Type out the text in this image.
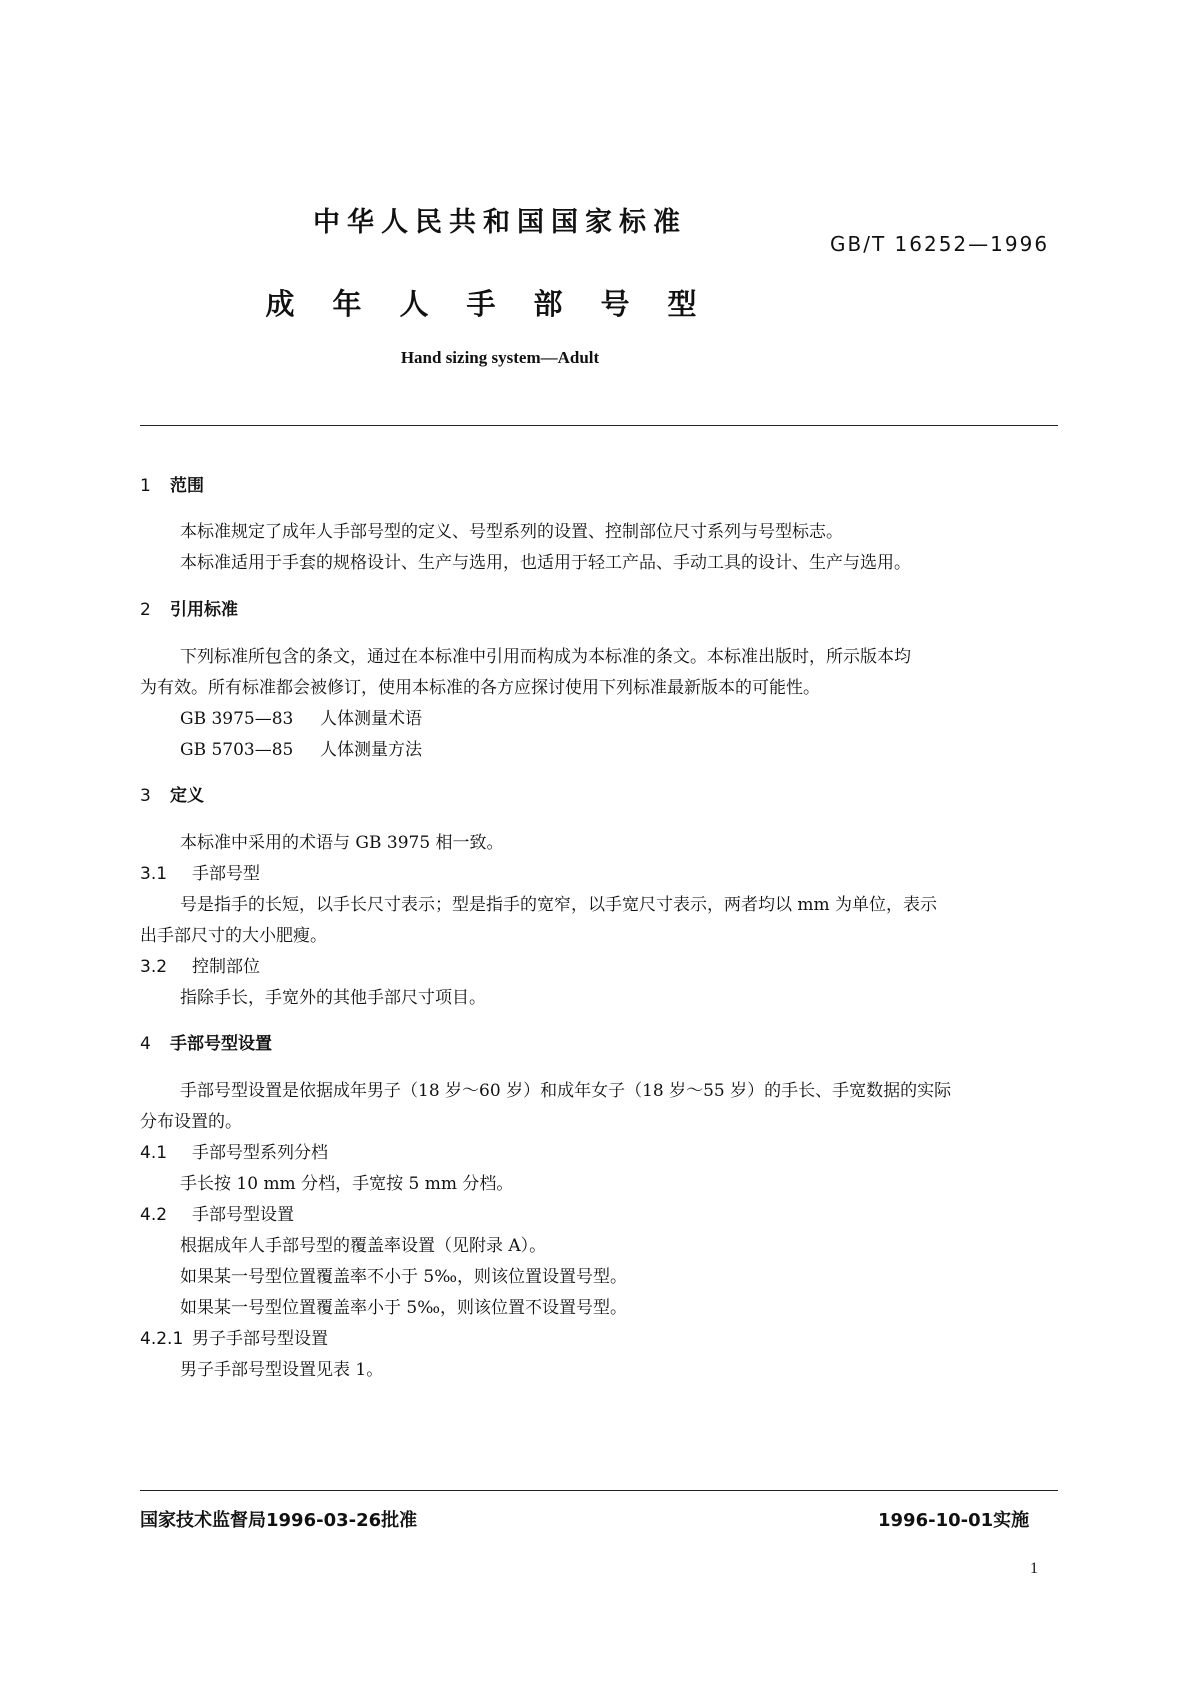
中华人民共和国国家标准
GB/T 16252—1996
成年人手部号型
Hand sizing system—Adult
1 范围
本标准规定了成年人手部号型的定义、号型系列的设置、控制部位尺寸系列与号型标志。
本标准适用于手套的规格设计、生产与选用，也适用于轻工产品、手动工具的设计、生产与选用。
2 引用标准
下列标准所包含的条文，通过在本标准中引用而构成为本标准的条文。本标准出版时，所示版本均
为有效。所有标准都会被修订，使用本标准的各方应探讨使用下列标准最新版本的可能性。
GB 3975—83 人体测量术语
GB 5703—85 人体测量方法
3 定义
本标准中采用的术语与 GB 3975 相一致。
3.1 手部号型
号是指手的长短，以手长尺寸表示；型是指手的宽窄，以手宽尺寸表示，两者均以 mm 为单位，表示
出手部尺寸的大小肥瘦。
3.2 控制部位
指除手长，手宽外的其他手部尺寸项目。
4 手部号型设置
手部号型设置是依据成年男子（18 岁～60 岁）和成年女子（18 岁～55 岁）的手长、手宽数据的实际
分布设置的。
4.1 手部号型系列分档
手长按 10 mm 分档，手宽按 5 mm 分档。
4.2 手部号型设置
根据成年人手部号型的覆盖率设置（见附录 A）。
如果某一号型位置覆盖率不小于 5‰，则该位置设置号型。
如果某一号型位置覆盖率小于 5‰，则该位置不设置号型。
4.2.1 男子手部号型设置
男子手部号型设置见表 1。
国家技术监督局1996-03-26批准	1996-10-01实施
1
